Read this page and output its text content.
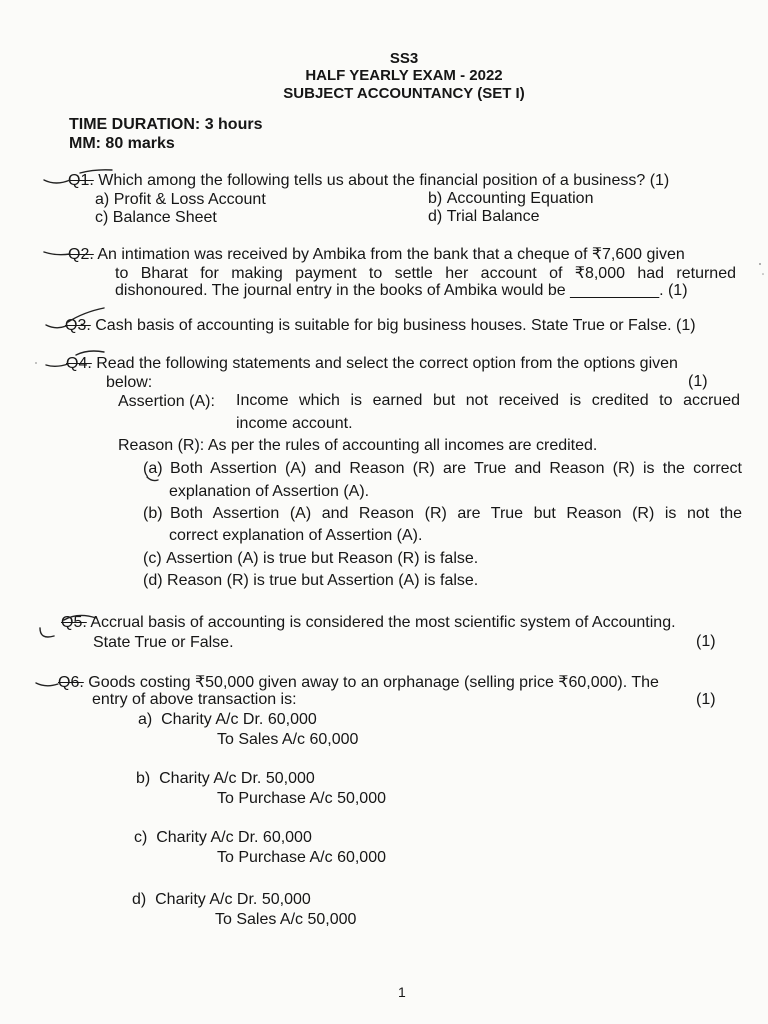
SS3
HALF YEARLY EXAM - 2022
SUBJECT ACCOUNTANCY (SET I)
TIME DURATION: 3 hours
MM: 80 marks
Q1. Which among the following tells us about the financial position of a business? (1)
a) Profit & Loss Account	b) Accounting Equation
c) Balance Sheet	d) Trial Balance
Q2. An intimation was received by Ambika from the bank that a cheque of ₹7,600 given
to Bharat for making payment to settle her account of ₹8,000 had returned
dishonoured. The journal entry in the books of Ambika would be __________. (1)
Q3. Cash basis of accounting is suitable for big business houses. State True or False. (1)
Q4. Read the following statements and select the correct option from the options given
below:	(1)
Assertion (A): Income which is earned but not received is credited to accrued
income account.
Reason (R): As per the rules of accounting all incomes are credited.
(a) Both Assertion (A) and Reason (R) are True and Reason (R) is the correct
explanation of Assertion (A).
(b) Both Assertion (A) and Reason (R) are True but Reason (R) is not the
correct explanation of Assertion (A).
(c) Assertion (A) is true but Reason (R) is false.
(d) Reason (R) is true but Assertion (A) is false.
Q5. Accrual basis of accounting is considered the most scientific system of Accounting.
State True or False.	(1)
Q6. Goods costing ₹50,000 given away to an orphanage (selling price ₹60,000). The
entry of above transaction is:	(1)
a) Charity A/c Dr. 60,000
To Sales A/c 60,000
b) Charity A/c Dr. 50,000
To Purchase A/c 50,000
c) Charity A/c Dr. 60,000
To Purchase A/c 60,000
d) Charity A/c Dr. 50,000
To Sales A/c 50,000
1
